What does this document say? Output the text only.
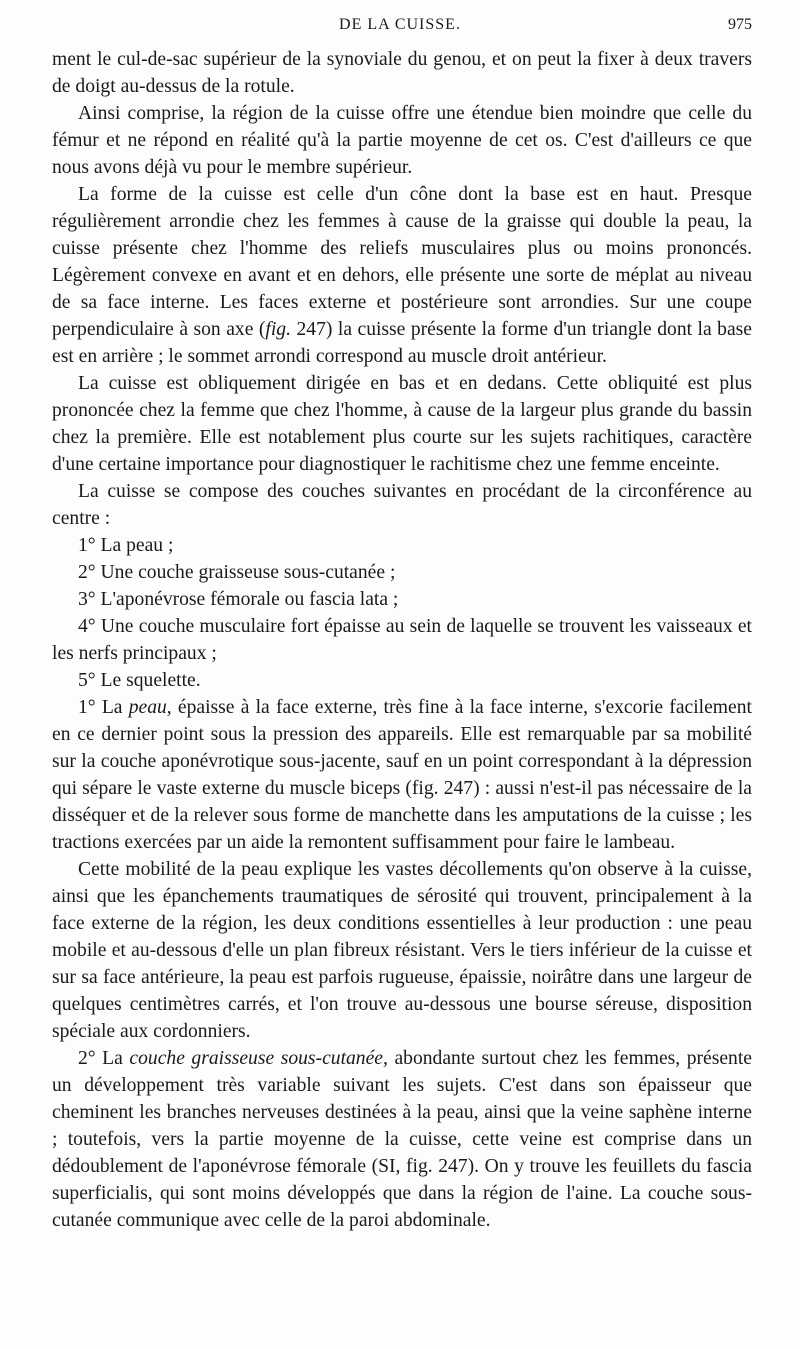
DE LA CUISSE.	975

ment le cul-de-sac supérieur de la synoviale du genou, et on peut la fixer à deux travers de doigt au-dessus de la rotule.

Ainsi comprise, la région de la cuisse offre une étendue bien moindre que celle du fémur et ne répond en réalité qu'à la partie moyenne de cet os. C'est d'ailleurs ce que nous avons déjà vu pour le membre supérieur.

La forme de la cuisse est celle d'un cône dont la base est en haut. Presque régulièrement arrondie chez les femmes à cause de la graisse qui double la peau, la cuisse présente chez l'homme des reliefs musculaires plus ou moins prononcés. Légèrement convexe en avant et en dehors, elle présente une sorte de méplat au niveau de sa face interne. Les faces externe et postérieure sont arrondies. Sur une coupe perpendiculaire à son axe (fig. 247) la cuisse présente la forme d'un triangle dont la base est en arrière ; le sommet arrondi correspond au muscle droit antérieur.

La cuisse est obliquement dirigée en bas et en dedans. Cette obliquité est plus prononcée chez la femme que chez l'homme, à cause de la largeur plus grande du bassin chez la première. Elle est notablement plus courte sur les sujets rachitiques, caractère d'une certaine importance pour diagnostiquer le rachitisme chez une femme enceinte.

La cuisse se compose des couches suivantes en procédant de la circonférence au centre :

1° La peau ;

2° Une couche graisseuse sous-cutanée ;

3° L'aponévrose fémorale ou fascia lata ;

4° Une couche musculaire fort épaisse au sein de laquelle se trouvent les vaisseaux et les nerfs principaux ;

5° Le squelette.

1° La peau, épaisse à la face externe, très fine à la face interne, s'excorie facilement en ce dernier point sous la pression des appareils. Elle est remarquable par sa mobilité sur la couche aponévrotique sous-jacente, sauf en un point correspondant à la dépression qui sépare le vaste externe du muscle biceps (fig. 247) : aussi n'est-il pas nécessaire de la disséquer et de la relever sous forme de manchette dans les amputations de la cuisse ; les tractions exercées par un aide la remontent suffisamment pour faire le lambeau.

Cette mobilité de la peau explique les vastes décollements qu'on observe à la cuisse, ainsi que les épanchements traumatiques de sérosité qui trouvent, principalement à la face externe de la région, les deux conditions essentielles à leur production : une peau mobile et au-dessous d'elle un plan fibreux résistant. Vers le tiers inférieur de la cuisse et sur sa face antérieure, la peau est parfois rugueuse, épaissie, noirâtre dans une largeur de quelques centimètres carrés, et l'on trouve au-dessous une bourse séreuse, disposition spéciale aux cordonniers.

2° La couche graisseuse sous-cutanée, abondante surtout chez les femmes, présente un développement très variable suivant les sujets. C'est dans son épaisseur que cheminent les branches nerveuses destinées à la peau, ainsi que la veine saphène interne ; toutefois, vers la partie moyenne de la cuisse, cette veine est comprise dans un dédoublement de l'aponévrose fémorale (SI, fig. 247). On y trouve les feuillets du fascia superficialis, qui sont moins développés que dans la région de l'aine. La couche sous-cutanée communique avec celle de la paroi abdominale.
